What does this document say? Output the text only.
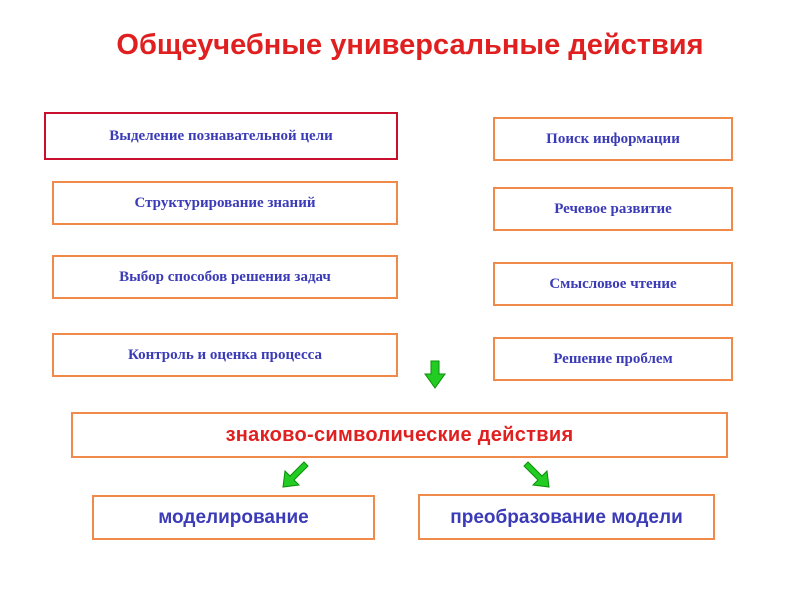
Общеучебные универсальные действия
Выделение познавательной цели
Структурирование знаний
Выбор способов решения задач
Контроль и оценка процесса
Поиск информации
Речевое развитие
Смысловое чтение
Решение проблем
знаково-символические действия
моделирование	преобразование модели
